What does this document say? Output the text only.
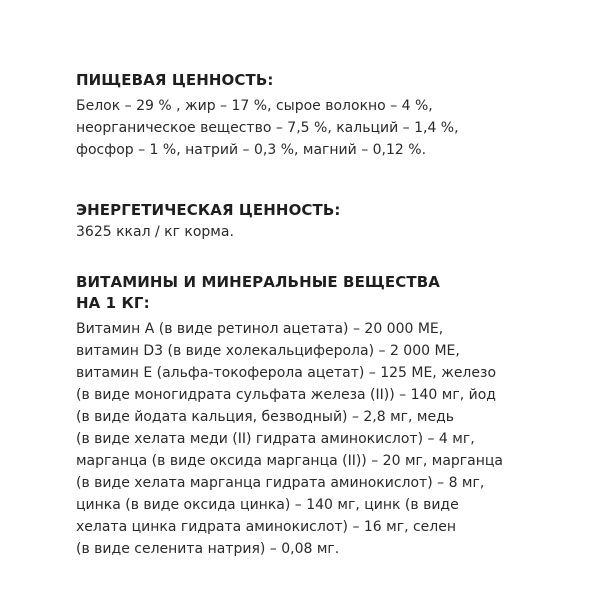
ПИЩЕВАЯ ЦЕННОСТЬ:

Белок – 29 % , жир – 17 %, сырое волокно – 4 %,
неорганическое вещество – 7,5 %, кальций – 1,4 %,
фосфор – 1 %, натрий – 0,3 %, магний – 0,12 %.

ЭНЕРГЕТИЧЕСКАЯ ЦЕННОСТЬ:

3625 ккал / кг корма.

ВИТАМИНЫ И МИНЕРАЛЬНЫЕ ВЕЩЕСТВА
НА 1 КГ:

Витамин А (в виде ретинол ацетата) – 20 000 МЕ,
витамин D3 (в виде холекальциферола) – 2 000 МЕ,
витамин Е (альфа-токоферола ацетат) – 125 МЕ, железо
(в виде моногидрата сульфата железа (II)) – 140 мг, йод
(в виде йодата кальция, безводный) – 2,8 мг, медь
(в виде хелата меди (II) гидрата аминокислот) – 4 мг,
марганца (в виде оксида марганца (II)) – 20 мг, марганца
(в виде хелата марганца гидрата аминокислот) – 8 мг,
цинка (в виде оксида цинка) – 140 мг, цинк (в виде
хелата цинка гидрата аминокислот) – 16 мг, селен
(в виде селенита натрия) – 0,08 мг.
